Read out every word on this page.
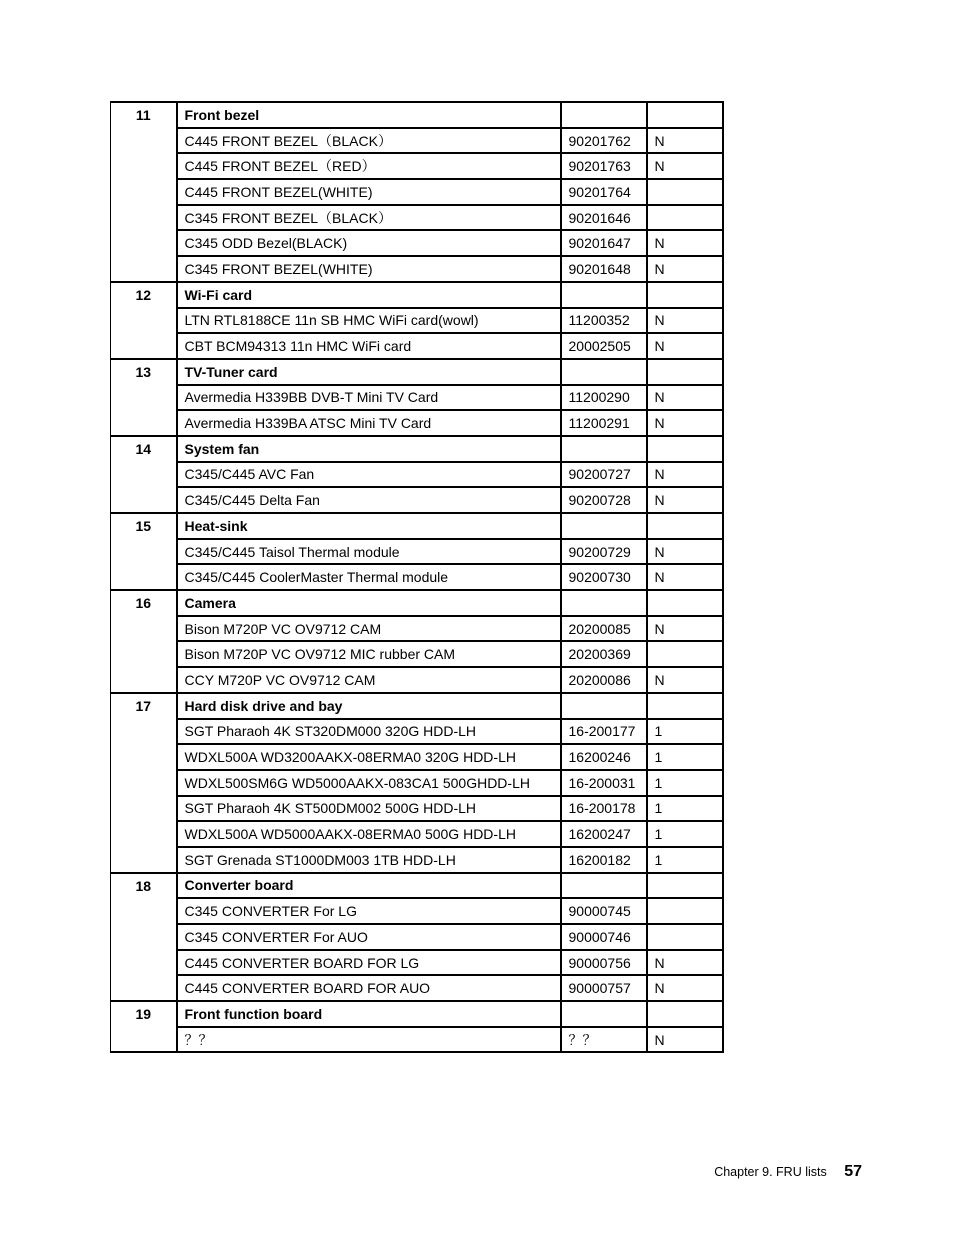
11	Front bezel		
	C445 FRONT BEZEL（BLACK）	90201762	N
	C445 FRONT BEZEL（RED）	90201763	N
	C445 FRONT BEZEL(WHITE)	90201764	
	C345 FRONT BEZEL（BLACK）	90201646	
	C345 ODD Bezel(BLACK)	90201647	N
	C345 FRONT BEZEL(WHITE)	90201648	N
12	Wi-Fi card		
	LTN RTL8188CE 11n SB HMC WiFi card(wowl)	11200352	N
	CBT BCM94313 11n HMC WiFi card	20002505	N
13	TV-Tuner card		
	Avermedia H339BB DVB-T Mini TV Card	11200290	N
	Avermedia H339BA ATSC Mini TV Card	11200291	N
14	System fan		
	C345/C445 AVC Fan	90200727	N
	C345/C445 Delta Fan	90200728	N
15	Heat-sink		
	C345/C445 Taisol Thermal module	90200729	N
	C345/C445 CoolerMaster Thermal module	90200730	N
16	Camera		
	Bison M720P VC OV9712 CAM	20200085	N
	Bison M720P VC OV9712 MIC rubber CAM	20200369	
	CCY M720P VC OV9712 CAM	20200086	N
17	Hard disk drive and bay		
	SGT Pharaoh 4K ST320DM000 320G HDD-LH	16-200177	1
	WDXL500A WD3200AAKX-08ERMA0 320G HDD-LH	16200246	1
	WDXL500SM6G WD5000AAKX-083CA1 500GHDD-LH	16-200031	1
	SGT Pharaoh 4K ST500DM002 500G HDD-LH	16-200178	1
	WDXL500A WD5000AAKX-08ERMA0 500G HDD-LH	16200247	1
	SGT Grenada ST1000DM003 1TB HDD-LH	16200182	1
18	Converter board		
	C345 CONVERTER For LG	90000745	
	C345 CONVERTER For AUO	90000746	
	C445 CONVERTER BOARD FOR LG	90000756	N
	C445 CONVERTER BOARD FOR AUO	90000757	N
19	Front function board		
	？？	？？	N
Chapter 9. FRU lists 57
